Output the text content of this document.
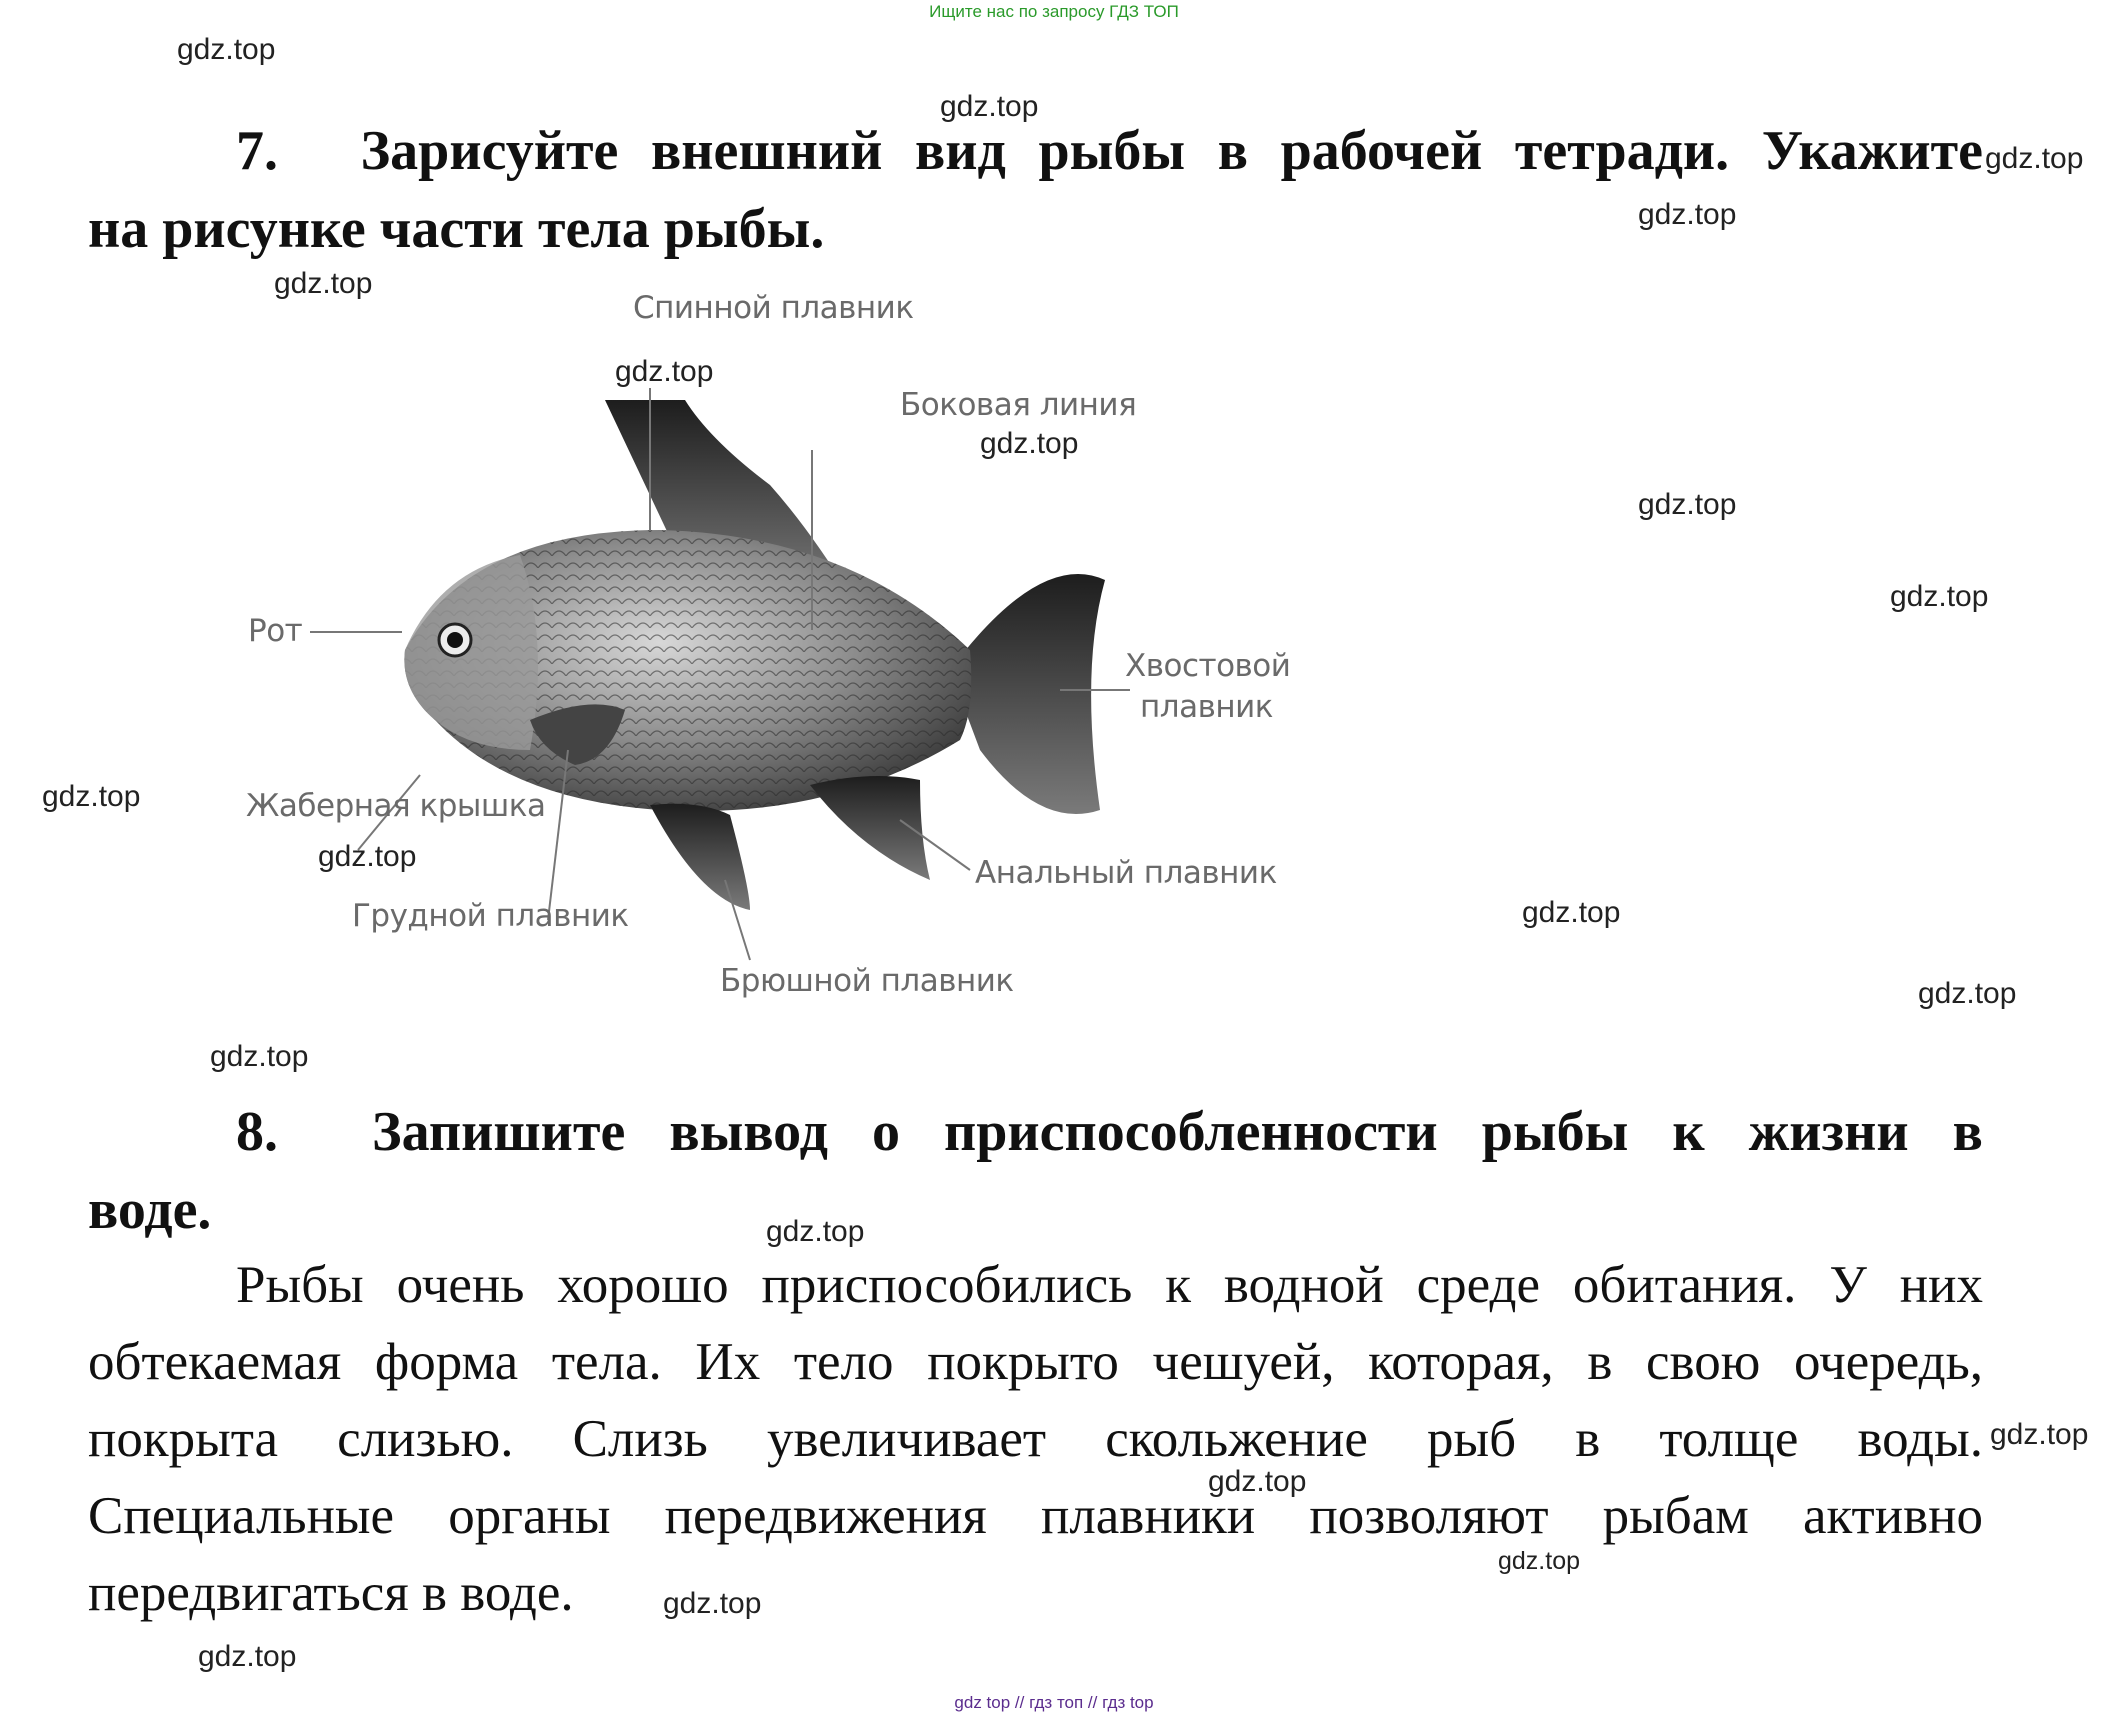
Ищите нас по запросу ГДЗ ТОП
7. Зарисуйте внешний вид рыбы в рабочей тетради. Укажите
на рисунке части тела рыбы.
Спинной плавник
Боковая линия
Рот
Хвостовой
плавник
Жаберная крышка
Анальный плавник
Грудной плавник
Брюшной плавник
8. Запишите вывод о приспособленности рыбы к жизни в
воде.
Рыбы очень хорошо приспособились к водной среде обитания. У них
обтекаемая форма тела. Их тело покрыто чешуей, которая, в свою очередь,
покрыта слизью. Слизь увеличивает скольжение рыб в толще воды.
Специальные органы передвижения плавники позволяют рыбам активно
передвигаться в воде.
gdz.top
gdz.top
gdz.top
gdz.top
gdz.top
gdz.top
gdz.top
gdz.top
gdz.top
gdz.top
gdz.top
gdz.top
gdz.top
gdz.top
gdz.top
gdz.top
gdz.top
gdz.top
gdz.top
gdz.top
gdz top // гдз топ // гдз top
